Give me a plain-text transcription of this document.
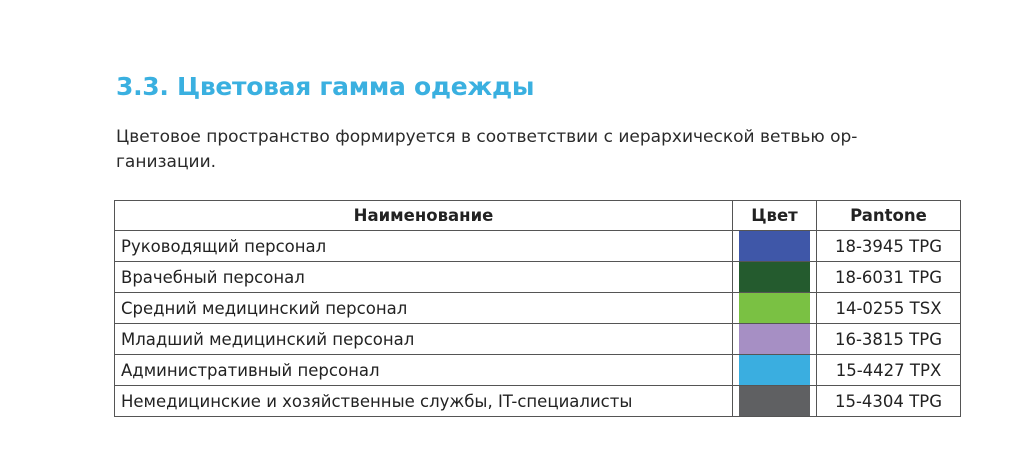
3.3. Цветовая гамма одежды

Цветовое пространство формируется в соответствии с иерархической ветвью ор-
ганизации.

Наименование	Цвет	Pantone
Руководящий персонал		18-3945 TPG
Врачебный персонал		18-6031 TPG
Средний медицинский персонал		14-0255 TSX
Младший медицинский персонал		16-3815 TPG
Административный персонал		15-4427 TPX
Немедицинские и хозяйственные службы, IT-специалисты		15-4304 TPG
